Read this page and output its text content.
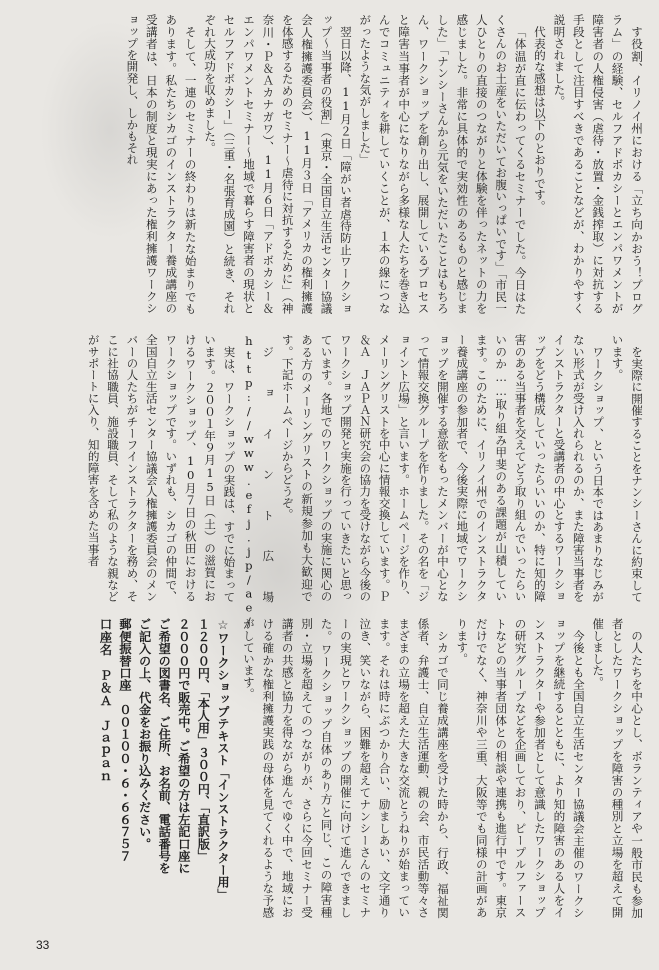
す役割、イリノイ州における「立ち向かおう！プログラム」の経験、セルフアドボカシーとエンパワメントが障害者の人権侵害（虐待・放置・金銭搾取）に対抗する手段として注目すべきであることなどが、わかりやすく説明されました。

代表的な感想は以下のとおりです。

「体温が直に伝わってくるセミナーでした。今日はたくさんのお土産をいただいてお腹いっぱいです」「市民一人ひとりの直接のつながりと体験を伴ったネットの力を感じました。非常に具体的で実効性のあるものと感じました」「ナンシーさんから元気をいただいたことはもちろん、ワークショップを創り出し、展開しているプロセスと障害当事者が中心になりながら多様な人たちを巻き込んでコミュニティを耕していくことが、１本の線につながったような気がしました」

翌日以降、11月２日「障がい者虐待防止ワークショップ～当事者の役割」（東京・全国自立生活センター協議会人権擁護委員会）、11月３日「アメリカの権利擁護を体感するためのセミナー～虐待に対抗するために」（神奈川・Ｐ＆Ａカナガワ）、11月６日「アドボカシー＆エンパワメントセミナー～地域で暮らす障害者の現状とセルフアドボカシー」（三重・名張育成園）と続き、それぞれ大成功を収めました。

そして、一連のセミナーの終わりは新たな始まりでもあります。私たちシカゴのインストラクター養成講座の受講者は、日本の制度と現実にあった権利擁護ワークショップを開発し、しかもそれ

を実際に開催することをナンシーさんに約束しています。

ワークショップ、という日本ではあまりなじみがない形式が受け入れられるのか、また障害当事者をインストラクターと受講者の中心とするワークショップをどう構成していったらいいのか、特に知的障害のある当事者を交えてどう取り組んでいったらいいのか……取り組み甲斐のある課題が山積しています。このために、イリノイ州でのインストラクター養成講座の参加者で、今後実際に地域でワークショップを開催する意欲をもったメンバーが中心となって情報交換グループを作りました。その名を「ジョイント広場」と言います。ホームページを作り、メーリングリストを中心に情報交換しています。Ｐ＆Ａ　ＪＡＰＡＮ研究会の協力を受けながら今後のワークショップ開発と実施を行っていきたいと思っています。各地でのワークショップの実施に関心のある方のメーリングリストの新規参加も大歓迎です。下記ホームページからどうぞ。

ジョイント広場　http://www.efj.jp/ae/

実は、ワークショップの実践は、すでに始まっています。２００１年９月15日（土）の滋賀におけるワークショップ、10月７日の秋田におけるワークショップです。いずれも、シカゴの仲間で、全国自立生活センター協議会人権擁護委員会のメンバーの人たちがチーフインストラクターを務め、そこに社協職員、施設職員、そして私のような親などがサポートに入り、知的障害を含めた当事者

の人たちを中心とし、ボランティアや一般市民も参加者としたワークショップを障害の種別と立場を超えて開催しました。

今後とも全国自立生活センター協議会主催のワークショップを継続するとともに、より知的障害のある人をインストラクターや参加者として意識したワークショップの研究グループなどを企画しており、ピープルファーストなどの当事者団体との相談や連携も進行中です。東京だけでなく、神奈川や三重、大阪等でも同様の計画があります。

シカゴで同じ養成講座を受けた時から、行政、福祉関係者、弁護士、自立生活運動、親の会、市民活動等々さまざまの立場を超えた大きな交流とうねりが始まっています。それは時にぶつかり合い、励ましあい、文字通り泣き、笑いながら、困難を超えてナンシーさんのセミナーの実現とワークショップの開催に向けて進んできました。ワークショップ自体のあり方と同じ、この障害種別・立場を超えてのつながりが、さらに今回セミナー受講者の共感と協力を得ながら進んでゆく中で、地域における確かな権利擁護実践の母体を見てくれるような予感がしています。

☆ワークショップテキスト「インストラクター用」
１２００円、「本人用」３００円、「直訳版」
２０００円で販売中。ご希望の方は左記口座に
ご希望の図書名、ご住所、お名前、電話番号を
ご記入の上、代金をお振り込みください。
郵便振替口座　００１００・６・６６７５７
口座名　Ｐ＆Ａ　Ｊａｐａｎ
33
